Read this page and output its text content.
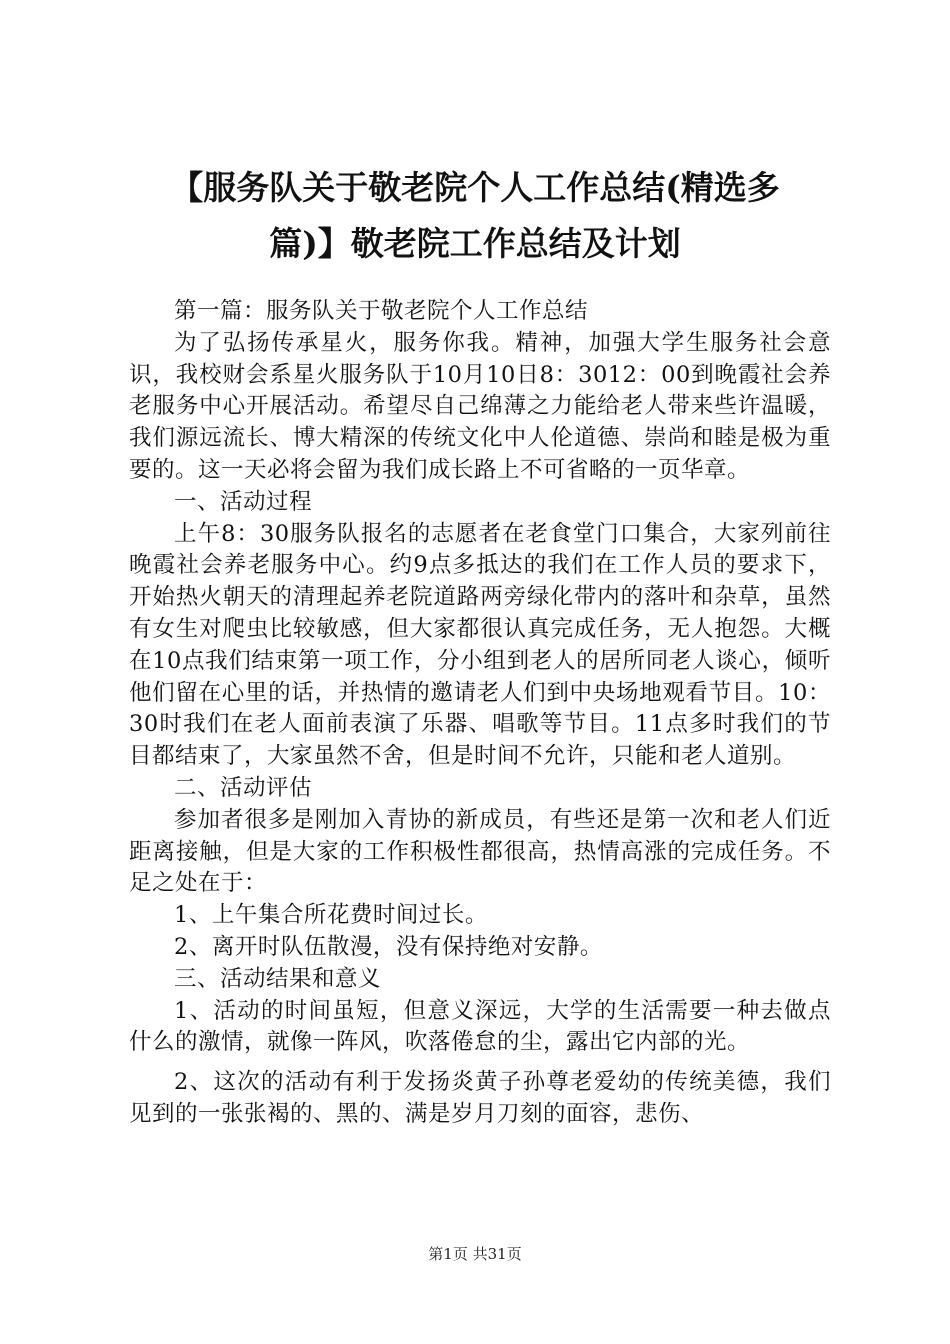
【服务队关于敬老院个人工作总结(精选多
篇)】敬老院工作总结及计划

第一篇：服务队关于敬老院个人工作总结

为了弘扬传承星火，服务你我。精神，加强大学生服务社会意识，我校财会系星火服务队于10月10日8：3012：00到晚霞社会养老服务中心开展活动。希望尽自己绵薄之力能给老人带来些许温暖，我们源远流长、博大精深的传统文化中人伦道德、崇尚和睦是极为重要的。这一天必将会留为我们成长路上不可省略的一页华章。

一、活动过程

上午8：30服务队报名的志愿者在老食堂门口集合，大家列前往晚霞社会养老服务中心。约9点多抵达的我们在工作人员的要求下，开始热火朝天的清理起养老院道路两旁绿化带内的落叶和杂草，虽然有女生对爬虫比较敏感，但大家都很认真完成任务，无人抱怨。大概在10点我们结束第一项工作，分小组到老人的居所同老人谈心，倾听他们留在心里的话，并热情的邀请老人们到中央场地观看节目。10：30时我们在老人面前表演了乐器、唱歌等节目。11点多时我们的节目都结束了，大家虽然不舍，但是时间不允许，只能和老人道别。

二、活动评估

参加者很多是刚加入青协的新成员，有些还是第一次和老人们近距离接触，但是大家的工作积极性都很高，热情高涨的完成任务。不足之处在于：

1、上午集合所花费时间过长。

2、离开时队伍散漫，没有保持绝对安静。

三、活动结果和意义

1、活动的时间虽短，但意义深远，大学的生活需要一种去做点什么的激情，就像一阵风，吹落倦怠的尘，露出它内部的光。

2、这次的活动有利于发扬炎黄子孙尊老爱幼的传统美德，我们见到的一张张褐的、黑的、满是岁月刀刻的面容，悲伤、

第1页 共31页
